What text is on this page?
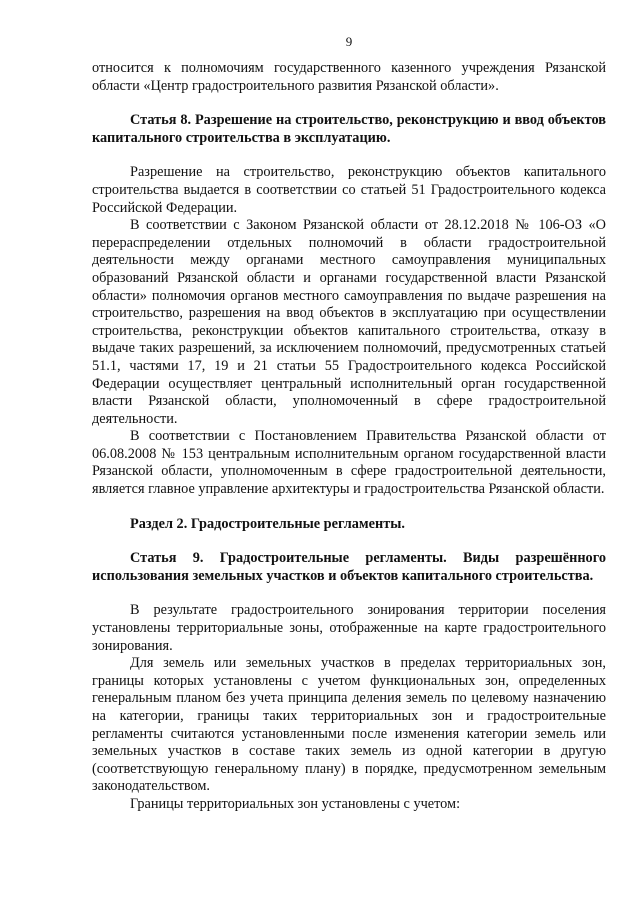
9

относится к полномочиям государственного казенного учреждения Рязанской области «Центр градостроительного развития Рязанской области».

Статья 8. Разрешение на строительство, реконструкцию и ввод объектов капитального строительства в эксплуатацию.

Разрешение на строительство, реконструкцию объектов капитального строительства выдается в соответствии со статьей 51 Градостроительного кодекса Российской Федерации.

В соответствии с Законом Рязанской области от 28.12.2018 № 106-ОЗ «О перераспределении отдельных полномочий в области градостроительной деятельности между органами местного самоуправления муниципальных образований Рязанской области и органами государственной власти Рязанской области» полномочия органов местного самоуправления по выдаче разрешения на строительство, разрешения на ввод объектов в эксплуатацию при осуществлении строительства, реконструкции объектов капитального строительства, отказу в выдаче таких разрешений, за исключением полномочий, предусмотренных статьей 51.1, частями 17, 19 и 21 статьи 55 Градостроительного кодекса Российской Федерации осуществляет центральный исполнительный орган государственной власти Рязанской области, уполномоченный в сфере градостроительной деятельности.

В соответствии с Постановлением Правительства Рязанской области от 06.08.2008 № 153 центральным исполнительным органом государственной власти Рязанской области, уполномоченным в сфере градостроительной деятельности, является главное управление архитектуры и градостроительства Рязанской области.

Раздел 2. Градостроительные регламенты.

Статья 9. Градостроительные регламенты. Виды разрешённого использования земельных участков и объектов капитального строительства.

В результате градостроительного зонирования территории поселения установлены территориальные зоны, отображенные на карте градостроительного зонирования.

Для земель или земельных участков в пределах территориальных зон, границы которых установлены с учетом функциональных зон, определенных генеральным планом без учета принципа деления земель по целевому назначению на категории, границы таких территориальных зон и градостроительные регламенты считаются установленными после изменения категории земель или земельных участков в составе таких земель из одной категории в другую (соответствующую генеральному плану) в порядке, предусмотренном земельным законодательством.

Границы территориальных зон установлены с учетом:
